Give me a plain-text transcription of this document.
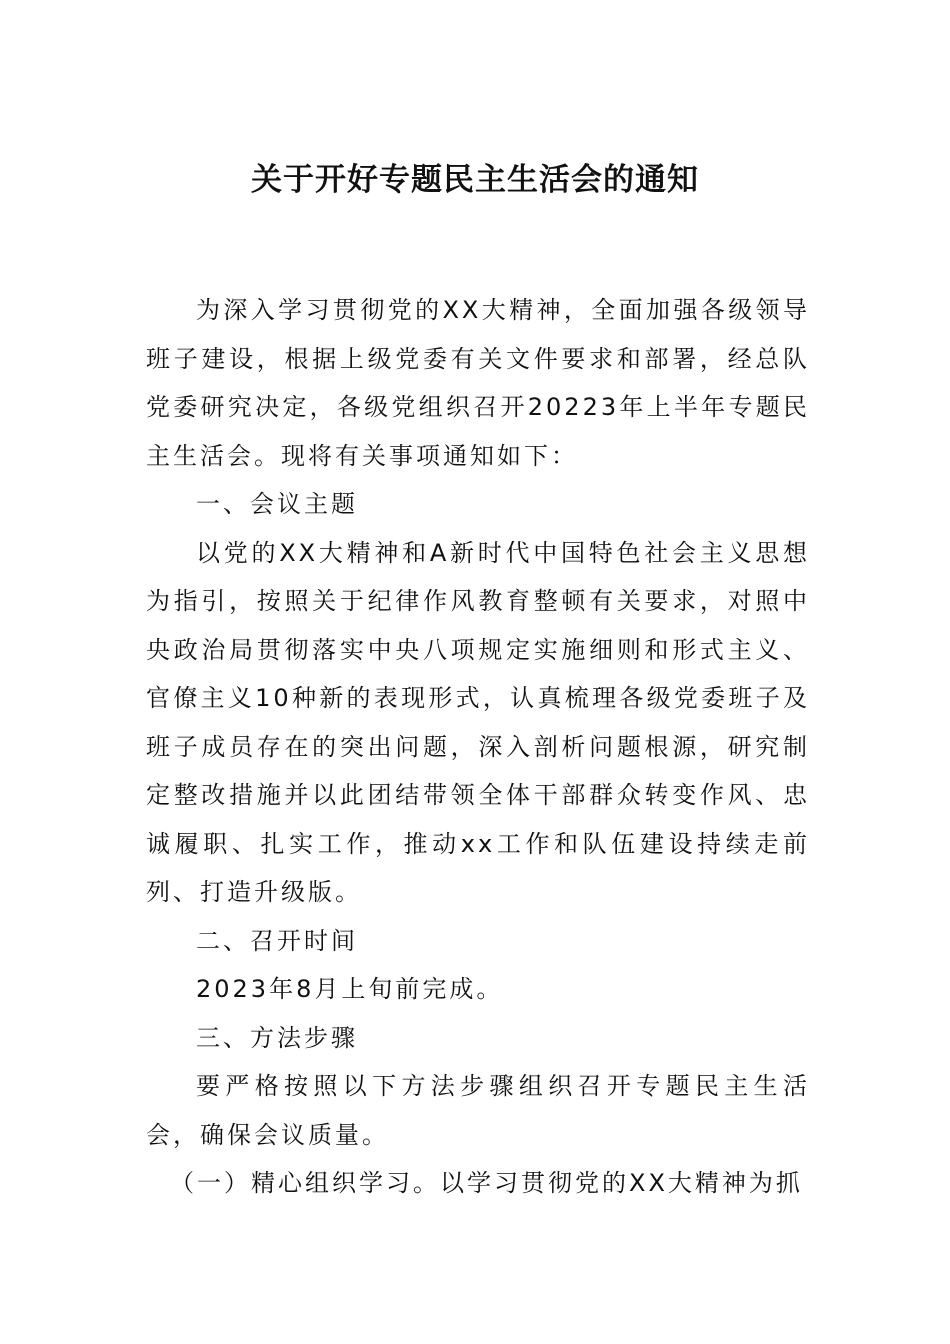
关于开好专题民主生活会的通知

为深入学习贯彻党的XX大精神，全面加强各级领导班子建设，根据上级党委有关文件要求和部署，经总队党委研究决定，各级党组织召开20223年上半年专题民主生活会。现将有关事项通知如下：

一、会议主题

以党的XX大精神和A新时代中国特色社会主义思想为指引，按照关于纪律作风教育整顿有关要求，对照中央政治局贯彻落实中央八项规定实施细则和形式主义、官僚主义10种新的表现形式，认真梳理各级党委班子及班子成员存在的突出问题，深入剖析问题根源，研究制定整改措施并以此团结带领全体干部群众转变作风、忠诚履职、扎实工作，推动xx工作和队伍建设持续走前列、打造升级版。

二、召开时间

2023年8月上旬前完成。

三、方法步骤

要严格按照以下方法步骤组织召开专题民主生活会，确保会议质量。

（一）精心组织学习。以学习贯彻党的XX大精神为抓
